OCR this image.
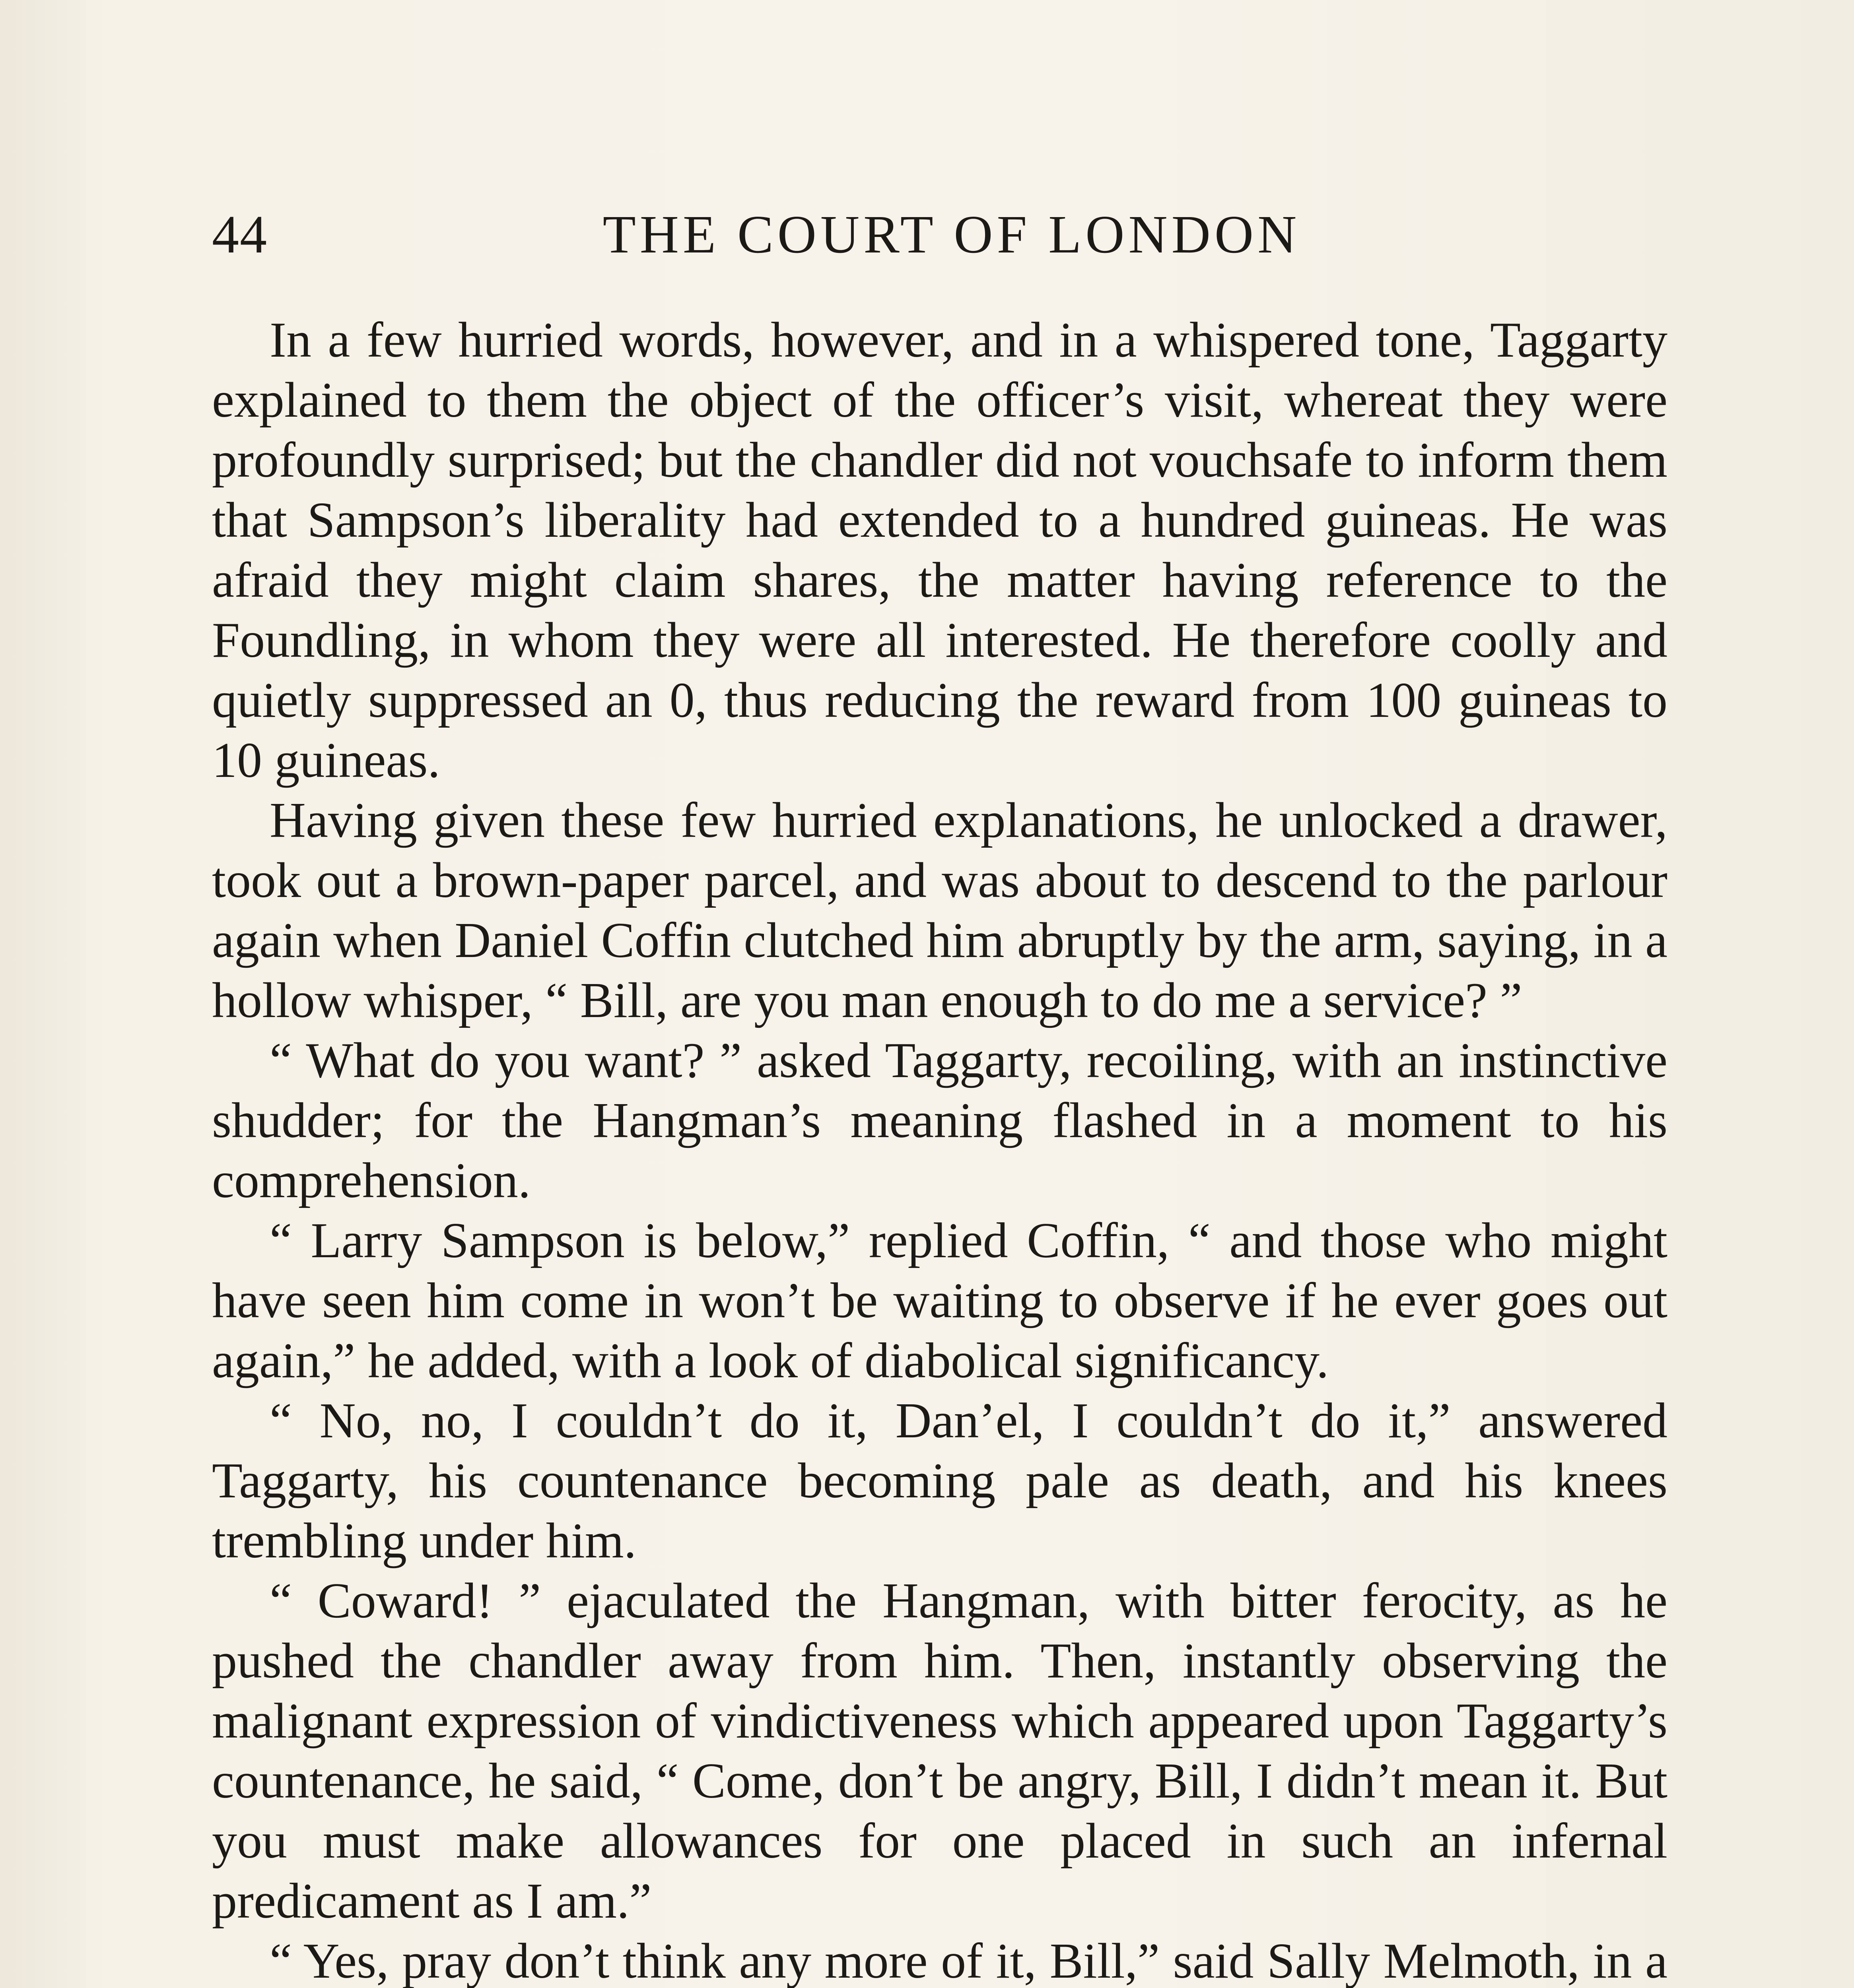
44	THE COURT OF LONDON

In a few hurried words, however, and in a whispered tone, Taggarty explained to them the object of the officer’s visit, whereat they were profoundly surprised; but the chandler did not vouchsafe to inform them that Sampson’s liberality had extended to a hundred guineas. He was afraid they might claim shares, the matter having reference to the Foundling, in whom they were all interested. He therefore coolly and quietly suppressed an 0, thus reducing the reward from 100 guineas to 10 guineas.

Having given these few hurried explanations, he unlocked a drawer, took out a brown-paper parcel, and was about to descend to the parlour again when Daniel Coffin clutched him abruptly by the arm, saying, in a hollow whisper, “ Bill, are you man enough to do me a service? ”

“ What do you want? ” asked Taggarty, recoiling, with an instinctive shudder; for the Hangman’s meaning flashed in a moment to his comprehension.

“ Larry Sampson is below,” replied Coffin, “ and those who might have seen him come in won’t be waiting to observe if he ever goes out again,” he added, with a look of diabolical significancy.

“ No, no, I couldn’t do it, Dan’el, I couldn’t do it,” answered Taggarty, his countenance becoming pale as death, and his knees trembling under him.

“ Coward! ” ejaculated the Hangman, with bitter ferocity, as he pushed the chandler away from him. Then, instantly observing the malignant expression of vindictiveness which appeared upon Taggarty’s countenance, he said, “ Come, don’t be angry, Bill, I didn’t mean it. But you must make allowances for one placed in such an infernal predicament as I am.”

“ Yes, pray don’t think any more of it, Bill,” said Sally Melmoth, in a
